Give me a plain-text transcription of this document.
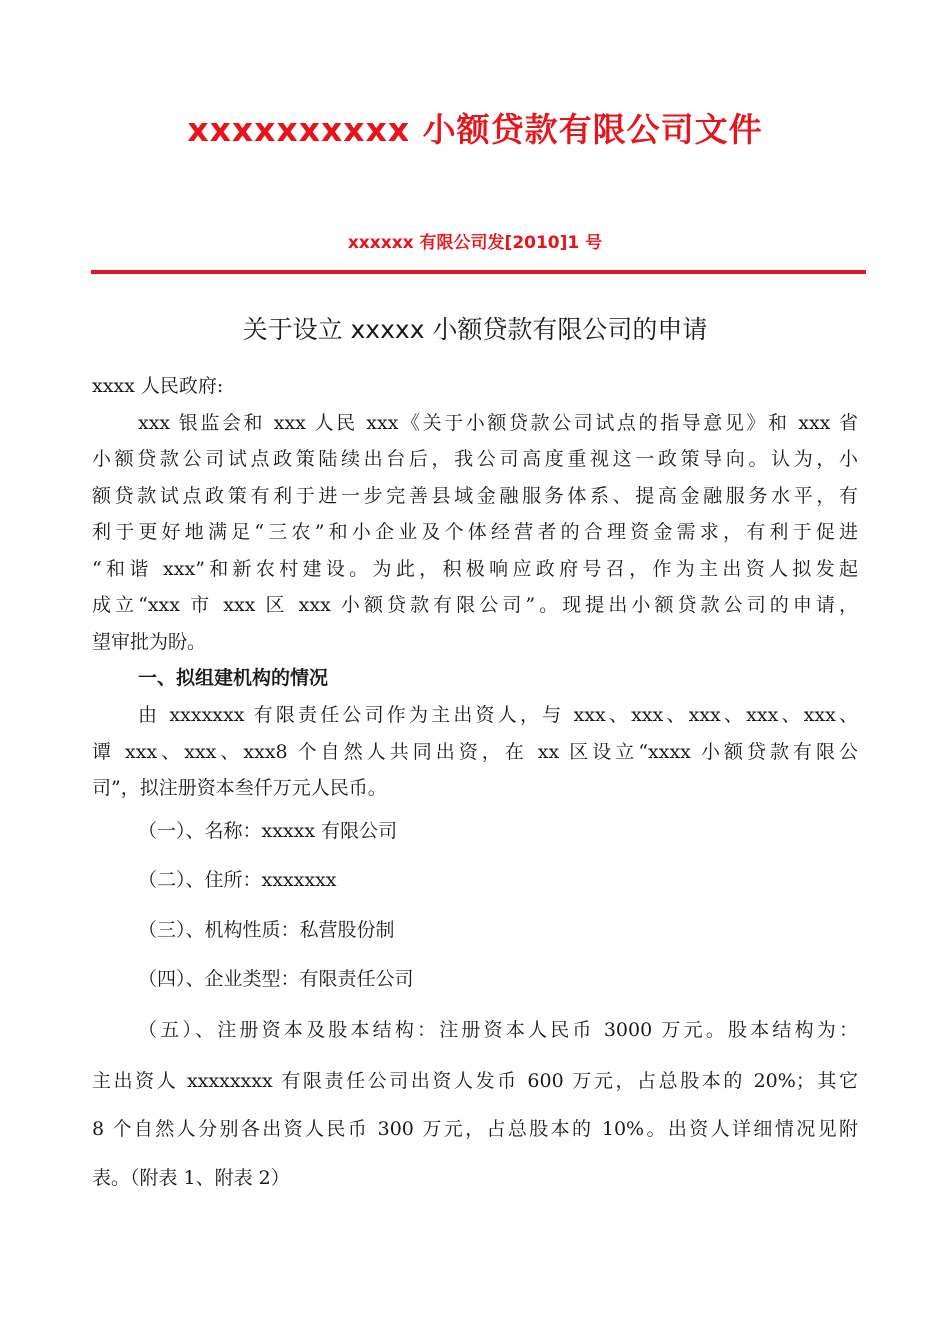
xxxxxxxxxx 小额贷款有限公司文件
xxxxxx 有限公司发[2010]1 号
关于设立 xxxxx 小额贷款有限公司的申请
xxxx 人民政府:
xxx 银监会和 xxx 人民 xxx《关于小额贷款公司试点的指导意见》和 xxx 省
小额贷款公司试点政策陆续出台后，我公司高度重视这一政策导向。认为，小
额贷款试点政策有利于进一步完善县域金融服务体系、提高金融服务水平，有
利于更好地满足“三农”和小企业及个体经营者的合理资金需求，有利于促进
“和谐 xxx”和新农村建设。为此，积极响应政府号召，作为主出资人拟发起
成立“xxx 市 xxx 区 xxx 小额贷款有限公司”。现提出小额贷款公司的申请，
望审批为盼。
一、拟组建机构的情况
由 xxxxxxx 有限责任公司作为主出资人，与 xxx、xxx、xxx、xxx、xxx、
谭 xxx、xxx、xxx8 个自然人共同出资，在 xx 区设立“xxxx 小额贷款有限公
司”，拟注册资本叁仟万元人民币。
（一）、名称：xxxxx 有限公司
（二）、住所：xxxxxxx
（三）、机构性质：私营股份制
（四）、企业类型：有限责任公司
（五）、注册资本及股本结构：注册资本人民币 3000 万元。股本结构为：
主出资人 xxxxxxxx 有限责任公司出资人发币 600 万元，占总股本的 20%；其它
8 个自然人分别各出资人民币 300 万元，占总股本的 10%。出资人详细情况见附
表。（附表 1、附表 2）
